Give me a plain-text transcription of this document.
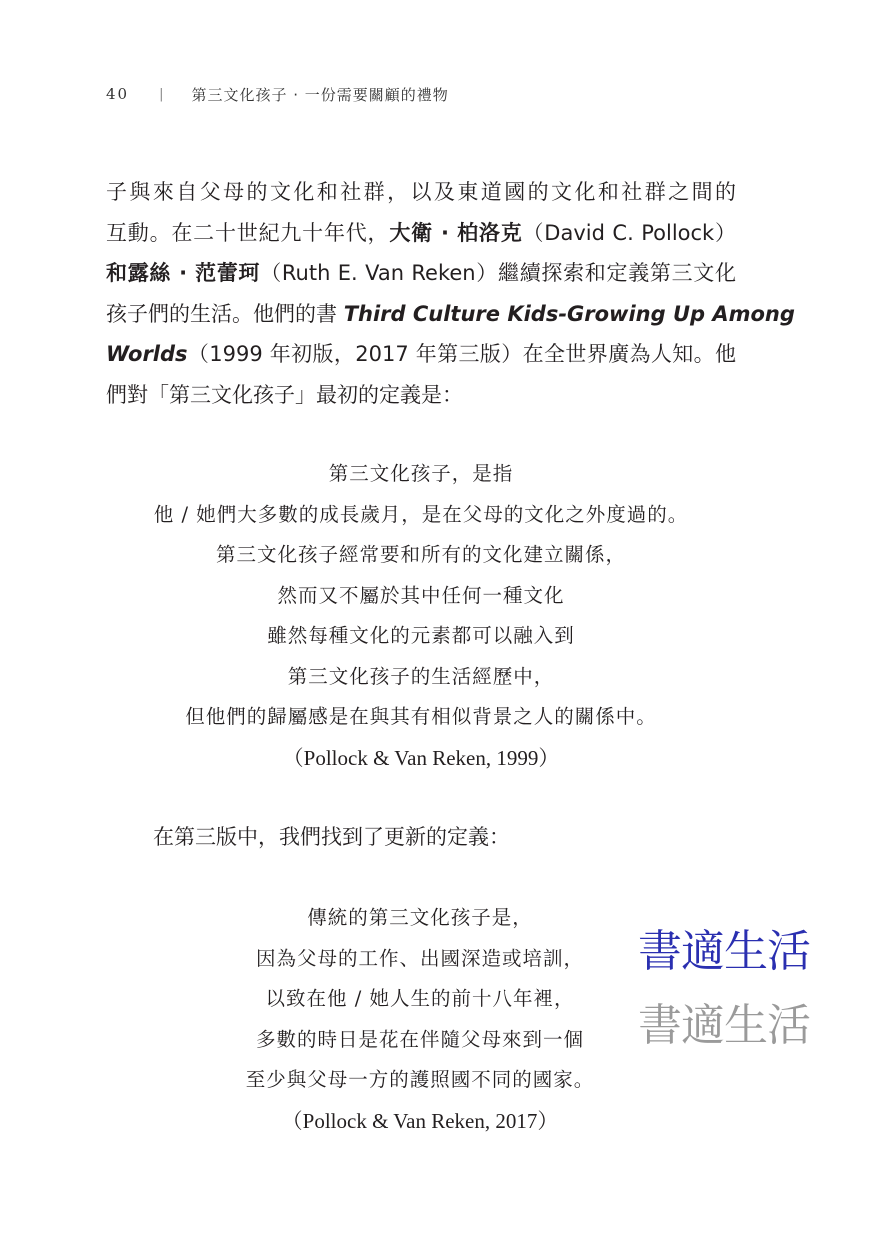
40 | 第三文化孩子 · 一份需要關顧的禮物
子與來自父母的文化和社群，以及東道國的文化和社群之間的
互動。在二十世紀九十年代，大衛 · 柏洛克（David C. Pollock）
和露絲 · 范蕾珂（Ruth E. Van Reken）繼續探索和定義第三文化
孩子們的生活。他們的書 Third Culture Kids-Growing Up Among
Worlds（1999 年初版，2017 年第三版）在全世界廣為人知。他
們對「第三文化孩子」最初的定義是：
第三文化孩子，是指
他 / 她們大多數的成長歲月，是在父母的文化之外度過的。
第三文化孩子經常要和所有的文化建立關係，
然而又不屬於其中任何一種文化
雖然每種文化的元素都可以融入到
第三文化孩子的生活經歷中，
但他們的歸屬感是在與其有相似背景之人的關係中。
（Pollock & Van Reken, 1999）
在第三版中，我們找到了更新的定義：
傳統的第三文化孩子是，
因為父母的工作、出國深造或培訓，
以致在他 / 她人生的前十八年裡，
多數的時日是花在伴隨父母來到一個
至少與父母一方的護照國不同的國家。
（Pollock & Van Reken, 2017）
書適生活
書適生活
